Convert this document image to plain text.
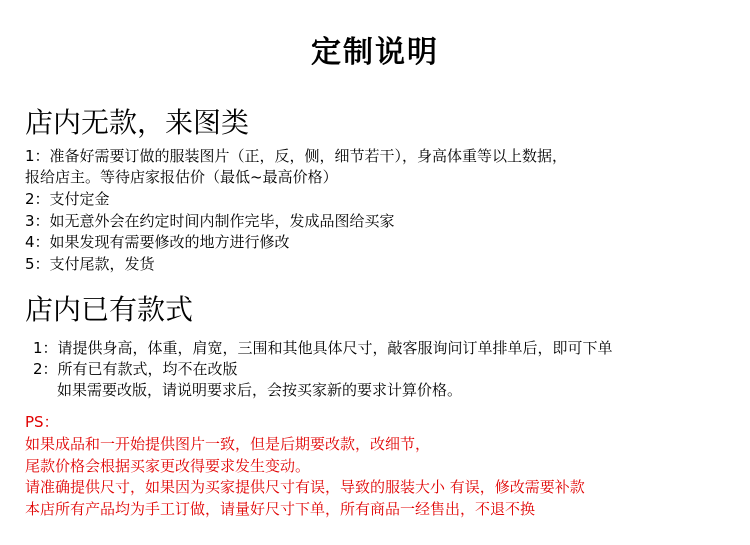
定制说明
店内无款，来图类
1：准备好需要订做的服装图片（正，反，侧，细节若干），身高体重等以上数据，
报给店主。等待店家报估价（最低~最高价格）
2：支付定金
3：如无意外会在约定时间内制作完毕，发成品图给买家
4：如果发现有需要修改的地方进行修改
5：支付尾款，发货
店内已有款式
1：请提供身高，体重，肩宽，三围和其他具体尺寸，敲客服询问订单排单后，即可下单
2：所有已有款式，均不在改版
如果需要改版，请说明要求后，会按买家新的要求计算价格。
PS：
如果成品和一开始提供图片一致，但是后期要改款，改细节，
尾款价格会根据买家更改得要求发生变动。
请准确提供尺寸，如果因为买家提供尺寸有误，导致的服装大小 有误，修改需要补款
本店所有产品均为手工订做，请量好尺寸下单，所有商品一经售出，不退不换
